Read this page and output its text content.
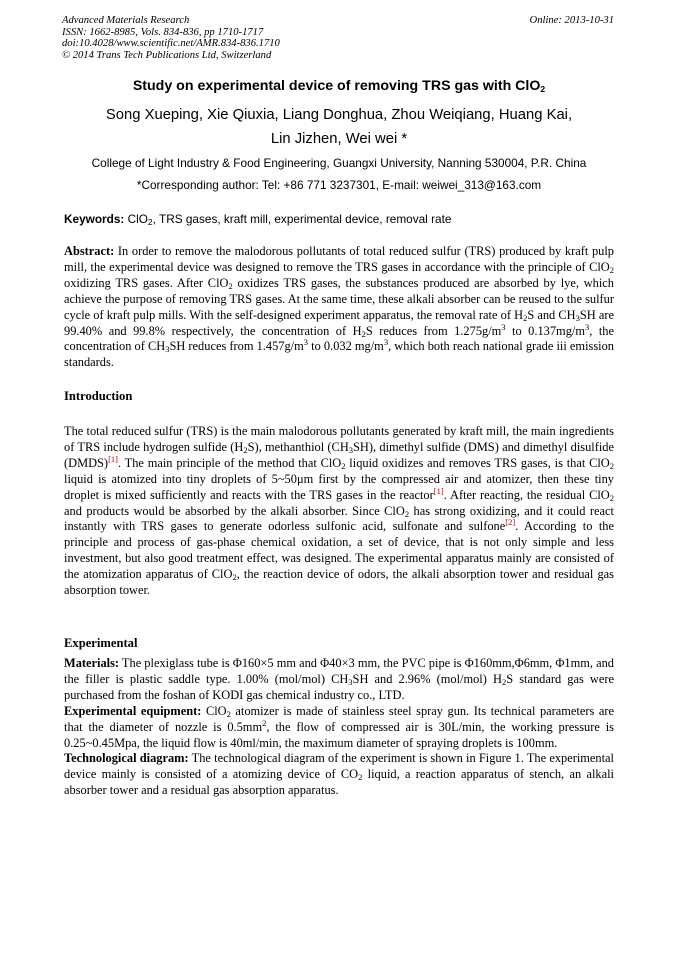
Advanced Materials Research
ISSN: 1662-8985, Vols. 834-836, pp 1710-1717
doi:10.4028/www.scientific.net/AMR.834-836.1710
© 2014 Trans Tech Publications Ltd, Switzerland
Online: 2013-10-31
Study on experimental device of removing TRS gas with ClO$_2$
Song Xueping, Xie Qiuxia, Liang Donghua, Zhou Weiqiang, Huang Kai,
Lin Jizhen, Wei wei *
College of Light Industry & Food Engineering, Guangxi University, Nanning 530004, P.R. China
*Corresponding author: Tel: +86 771 3237301, E-mail: weiwei_313@163.com
Keywords: ClO$_2$, TRS gases, kraft mill, experimental device, removal rate
Abstract: In order to remove the malodorous pollutants of total reduced sulfur (TRS) produced by kraft pulp mill, the experimental device was designed to remove the TRS gases in accordance with the principle of ClO$_2$ oxidizing TRS gases. After ClO$_2$ oxidizes TRS gases, the substances produced are absorbed by lye, which achieve the purpose of removing TRS gases. At the same time, these alkali absorber can be reused to the sulfur cycle of kraft pulp mills. With the self-designed experiment apparatus, the removal rate of $H_2S$ and $CH_3SH$ are 99.40% and 99.8% respectively, the concentration of $H_2S$ reduces from $1.275g/m^3$ to $0.137mg/m^3$, the concentration of $CH_3SH$ reduces from $1.457g/m^3$ to 0.032 $mg/m^3$, which both reach national grade iii emission standards.
Introduction
The total reduced sulfur (TRS) is the main malodorous pollutants generated by kraft mill, the main ingredients of TRS include hydrogen sulfide $(H_2S)$, methanthiol $(CH_3SH)$, dimethyl sulfide (DMS) and dimethyl disulfide (DMDS)[1]. The main principle of the method that ClO$_2$ liquid oxidizes and removes TRS gases, is that ClO$_2$ liquid is atomized into tiny droplets of 5~50μm first by the compressed air and atomizer, then these tiny droplet is mixed sufficiently and reacts with the TRS gases in the reactor[1]. After reacting, the residual ClO$_2$ and products would be absorbed by the alkali absorber. Since ClO$_2$ has strong oxidizing, and it could react instantly with TRS gases to generate odorless sulfonic acid, sulfonate and sulfone[2]. According to the principle and process of gas-phase chemical oxidation, a set of device, that is not only simple and less investment, but also good treatment effect, was designed. The experimental apparatus mainly are consisted of the atomization apparatus of ClO$_2$, the reaction device of odors, the alkali absorption tower and residual gas absorption tower.
Experimental

Materials: The plexiglass tube is Φ160×5 mm and Φ40×3 mm, the PVC pipe is Φ160mm,Φ6mm, Φ1mm, and the filler is plastic saddle type. 1.00% (mol/mol) $CH_3SH$ and 2.96% (mol/mol) $H_2S$ standard gas were purchased from the foshan of KODI gas chemical industry co., LTD.

Experimental equipment: ClO$_2$ atomizer is made of stainless steel spray gun. Its technical parameters are that the diameter of nozzle is $0.5mm^2$, the flow of compressed air is 30L/min, the working pressure is 0.25~0.45Mpa, the liquid flow is 40ml/min, the maximum diameter of spraying droplets is 100mm.

Technological diagram: The technological diagram of the experiment is shown in Figure 1. The experimental device mainly is consisted of a atomizing device of $CO_2$ liquid, a reaction apparatus of stench, an alkali absorber tower and a residual gas absorption apparatus.
